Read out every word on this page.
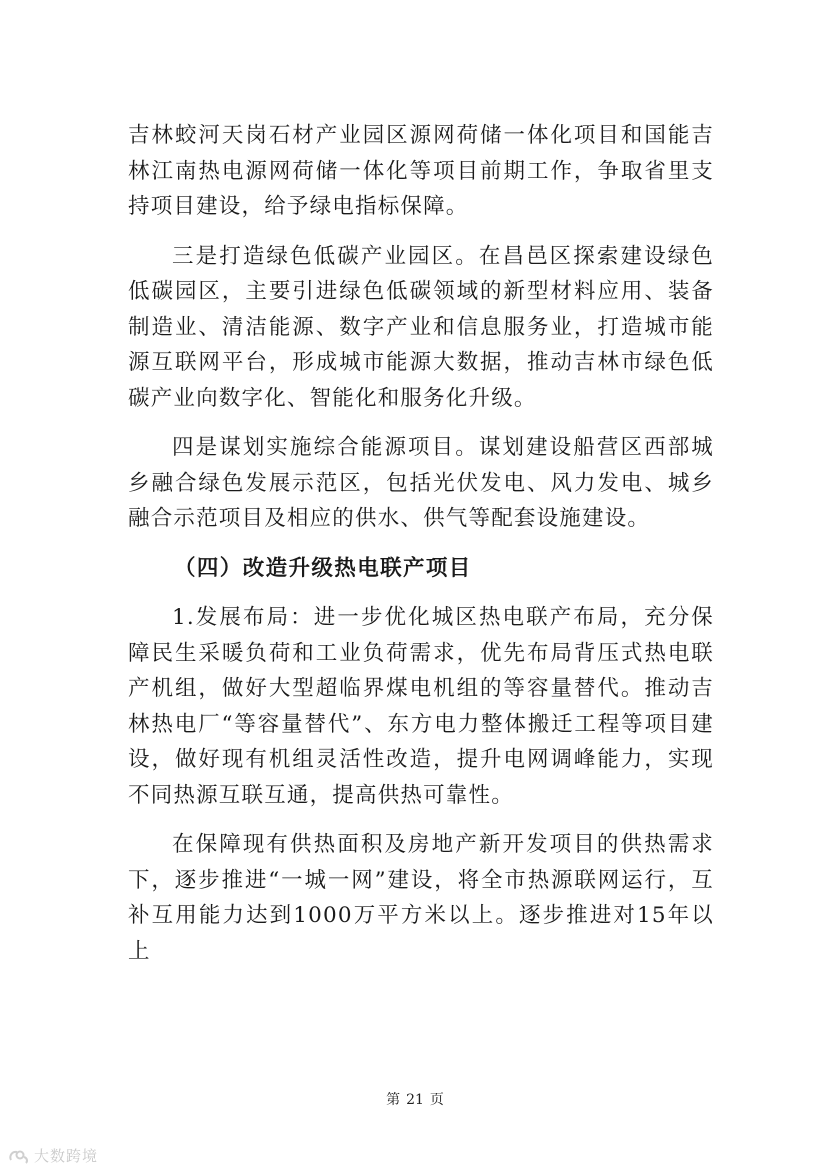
吉林蛟河天岗石材产业园区源网荷储一体化项目和国能吉林江南热电源网荷储一体化等项目前期工作，争取省里支持项目建设，给予绿电指标保障。

三是打造绿色低碳产业园区。在昌邑区探索建设绿色低碳园区，主要引进绿色低碳领域的新型材料应用、装备制造业、清洁能源、数字产业和信息服务业，打造城市能源互联网平台，形成城市能源大数据，推动吉林市绿色低碳产业向数字化、智能化和服务化升级。

四是谋划实施综合能源项目。谋划建设船营区西部城乡融合绿色发展示范区，包括光伏发电、风力发电、城乡融合示范项目及相应的供水、供气等配套设施建设。

（四）改造升级热电联产项目

1.发展布局：进一步优化城区热电联产布局，充分保障民生采暖负荷和工业负荷需求，优先布局背压式热电联产机组，做好大型超临界煤电机组的等容量替代。推动吉林热电厂“等容量替代”、东方电力整体搬迁工程等项目建设，做好现有机组灵活性改造，提升电网调峰能力，实现不同热源互联互通，提高供热可靠性。

在保障现有供热面积及房地产新开发项目的供热需求下，逐步推进“一城一网”建设，将全市热源联网运行，互补互用能力达到1000万平方米以上。逐步推进对15年以上

第 21 页
大数跨境
